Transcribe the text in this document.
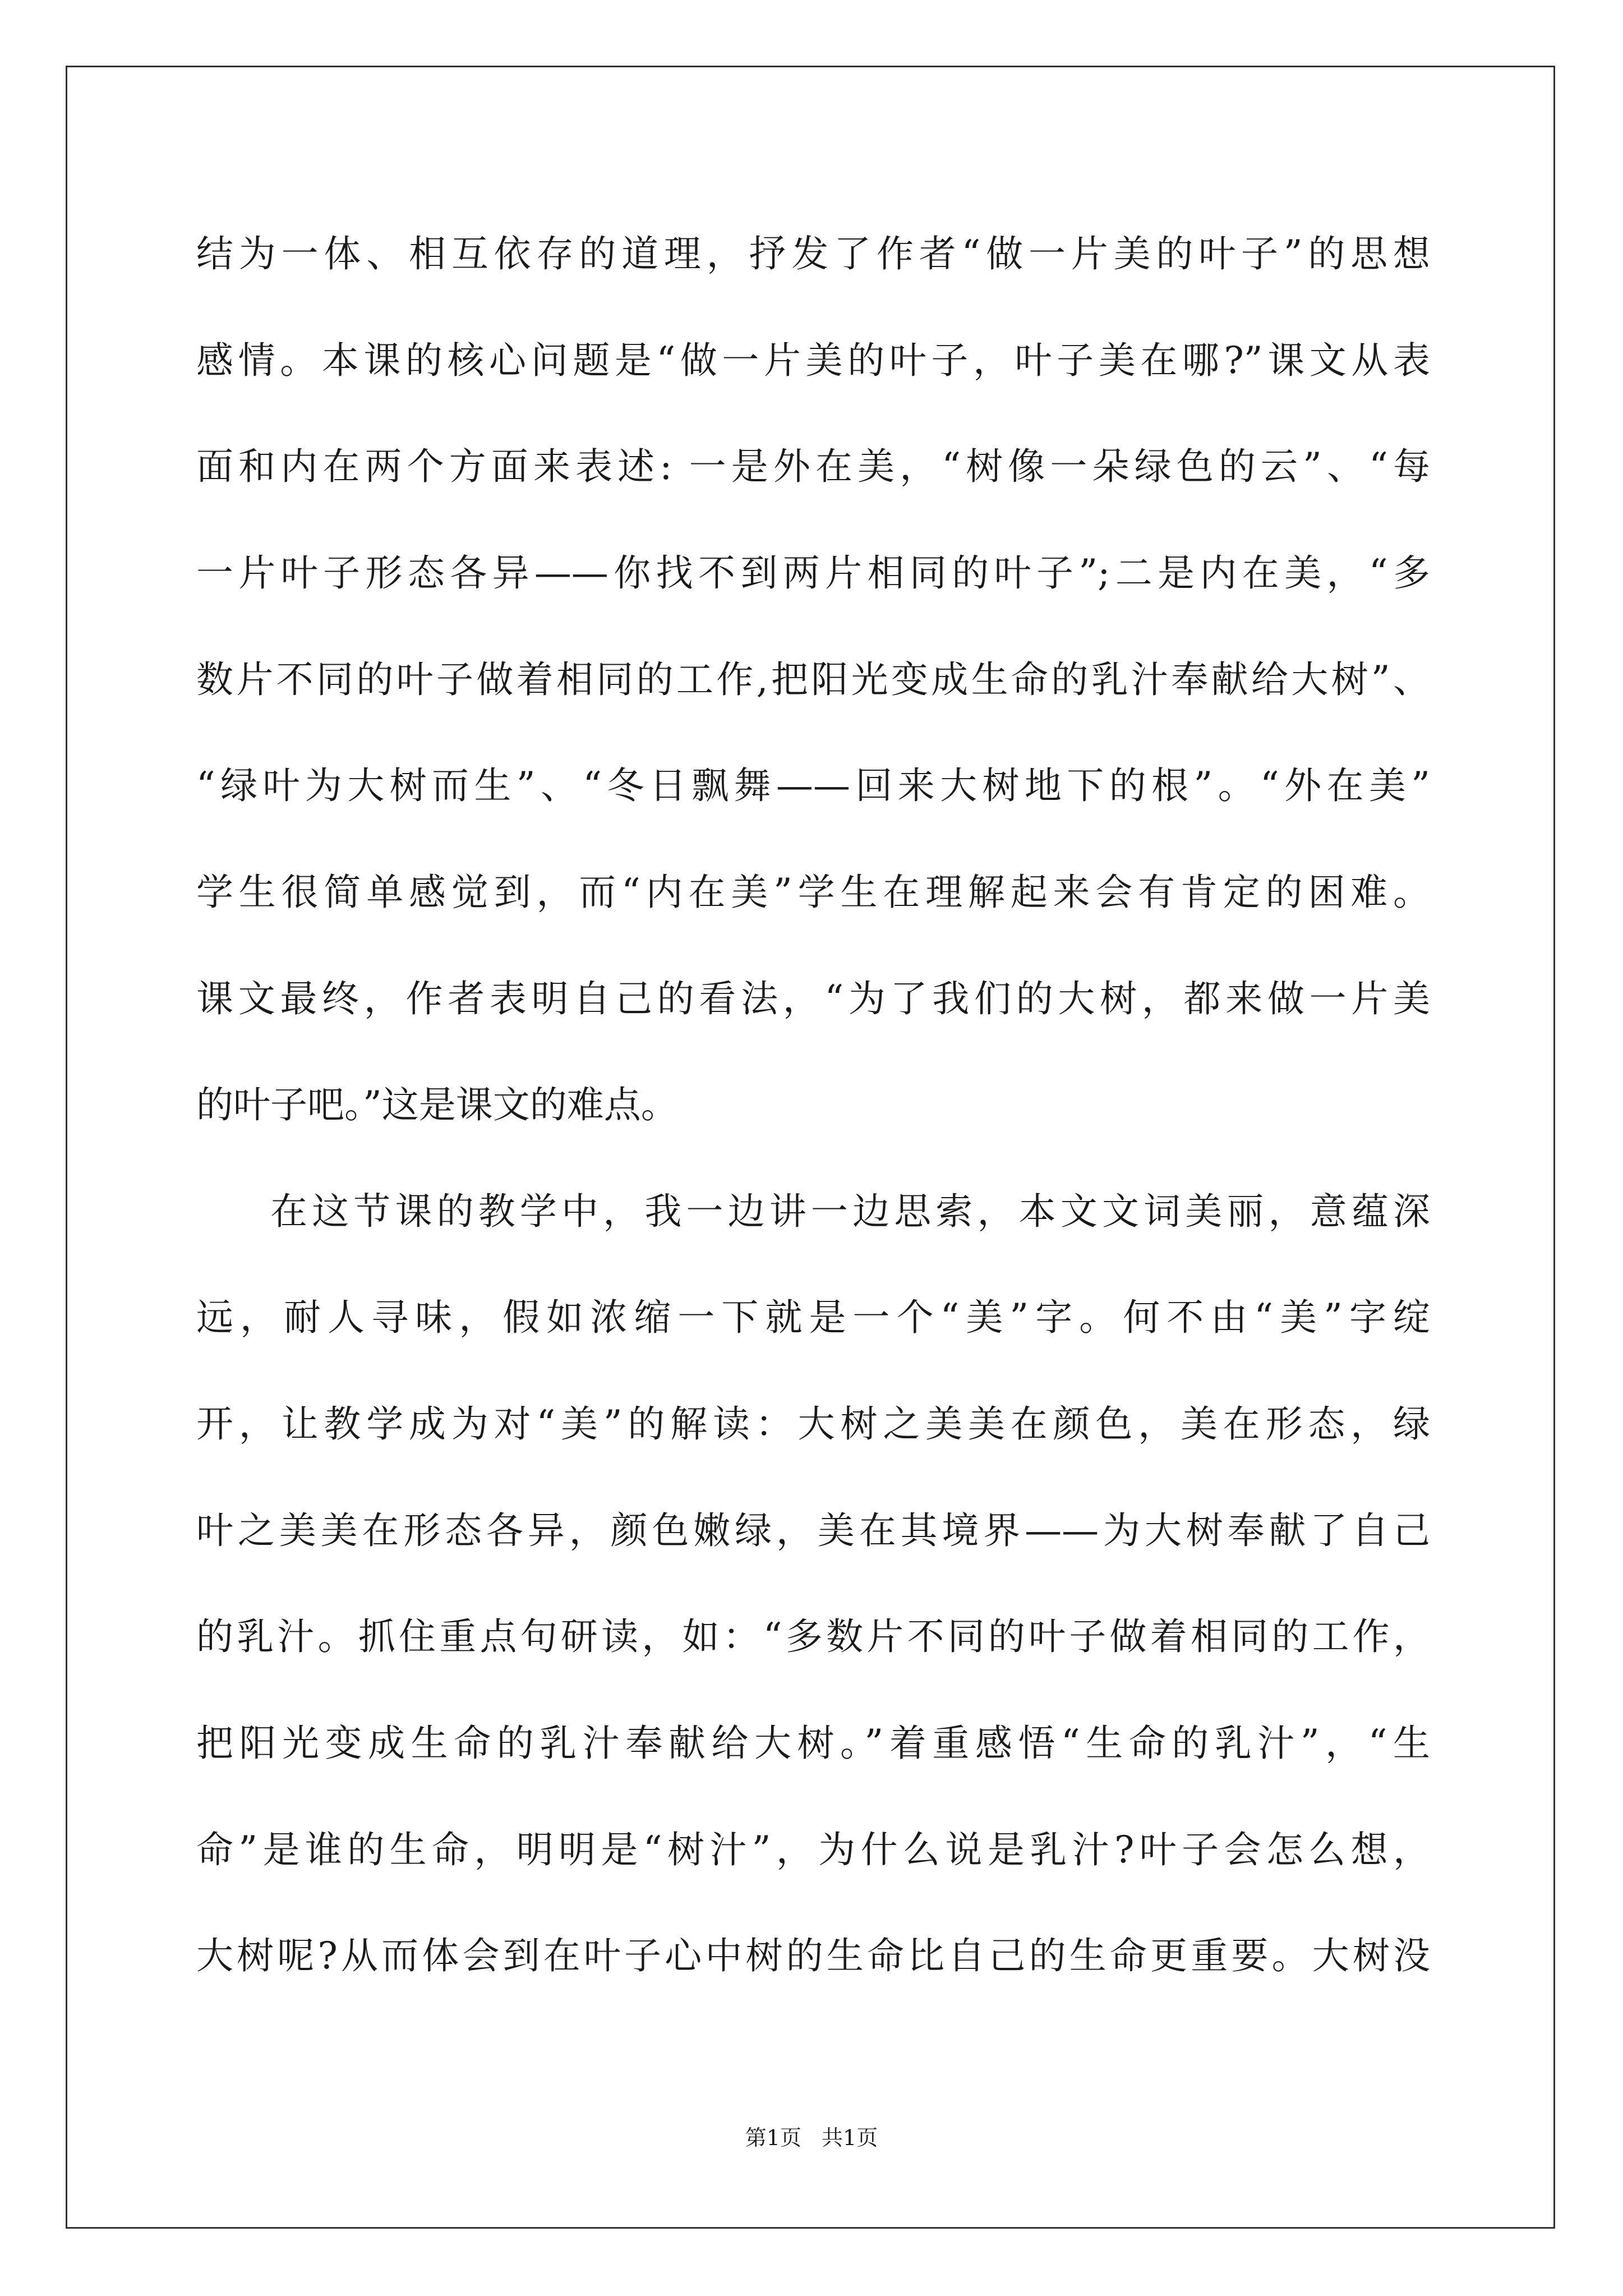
结为一体、相互依存的道理，抒发了作者“做一片美的叶子”的思想
感情。本课的核心问题是“做一片美的叶子，叶子美在哪?”课文从表
面和内在两个方面来表述: 一是外在美，“树像一朵绿色的云”、“每
一片叶子形态各异——你找不到两片相同的叶子”;二是内在美，“多
数片不同的叶子做着相同的工作,把阳光变成生命的乳汁奉献给大树”、
“绿叶为大树而生”、“冬日飘舞——回来大树地下的根”。“外在美”
学生很简单感觉到，而“内在美”学生在理解起来会有肯定的困难。
课文最终，作者表明自己的看法，“为了我们的大树，都来做一片美
的叶子吧。”这是课文的难点。
在这节课的教学中，我一边讲一边思索，本文文词美丽，意蕴深
远，耐人寻味，假如浓缩一下就是一个“美”字。何不由“美”字绽
开，让教学成为对“美”的解读：大树之美美在颜色，美在形态，绿
叶之美美在形态各异，颜色嫩绿，美在其境界——为大树奉献了自己
的乳汁。抓住重点句研读，如：“多数片不同的叶子做着相同的工作，
把阳光变成生命的乳汁奉献给大树。”着重感悟“生命的乳汁”，“生
命”是谁的生命，明明是“树汁”，为什么说是乳汁?叶子会怎么想，
大树呢?从而体会到在叶子心中树的生命比自己的生命更重要。大树没
第1页 共1页
